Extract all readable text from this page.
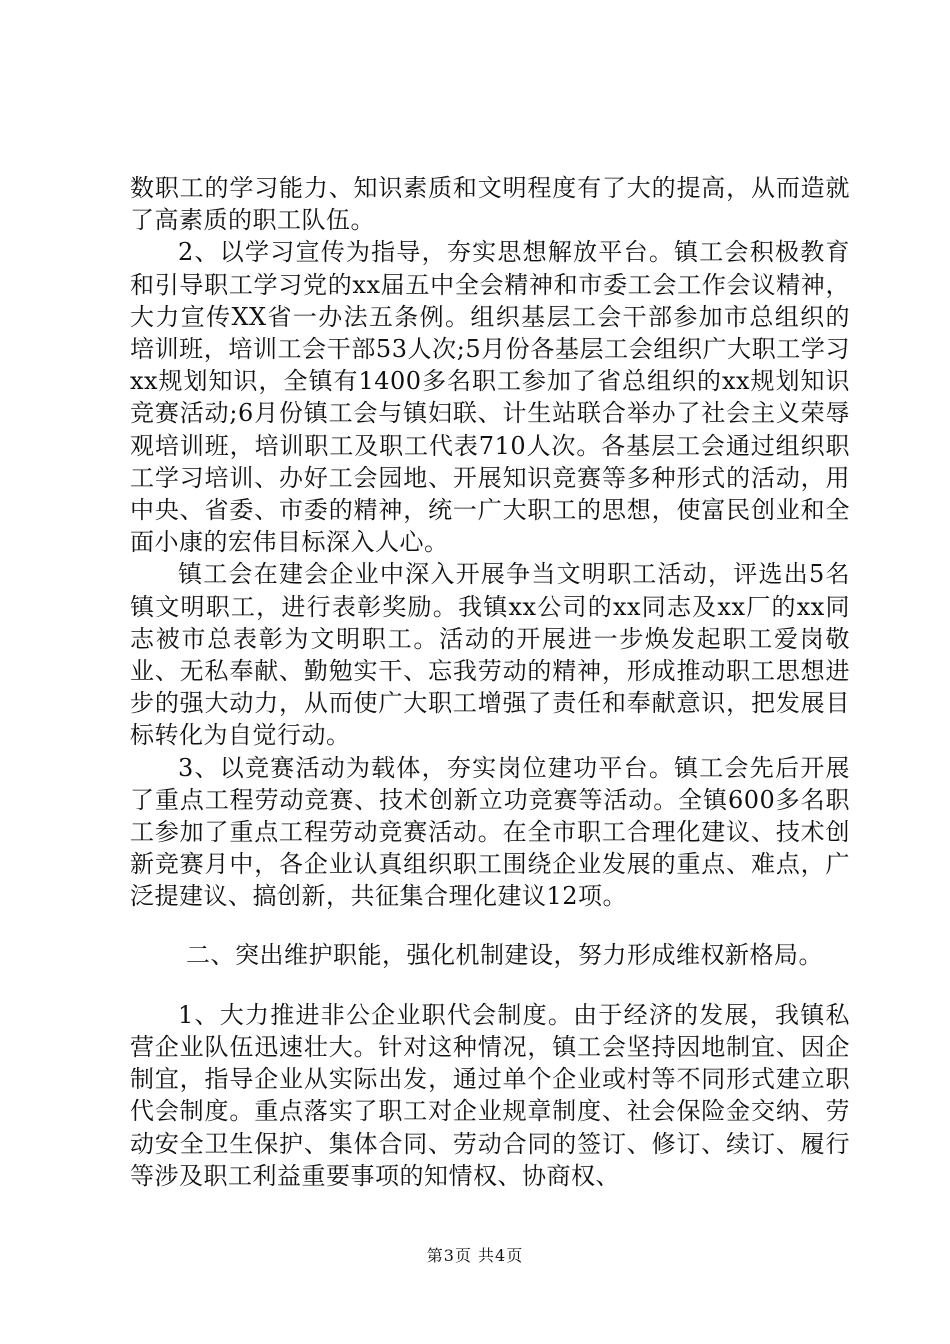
数职工的学习能力、知识素质和文明程度有了大的提高，从而造就了高素质的职工队伍。

2、以学习宣传为指导，夯实思想解放平台。镇工会积极教育和引导职工学习党的xx届五中全会精神和市委工会工作会议精神，大力宣传XX省一办法五条例。组织基层工会干部参加市总组织的培训班，培训工会干部53人次;5月份各基层工会组织广大职工学习xx规划知识，全镇有1400多名职工参加了省总组织的xx规划知识竞赛活动;6月份镇工会与镇妇联、计生站联合举办了社会主义荣辱观培训班，培训职工及职工代表710人次。各基层工会通过组织职工学习培训、办好工会园地、开展知识竞赛等多种形式的活动，用中央、省委、市委的精神，统一广大职工的思想，使富民创业和全面小康的宏伟目标深入人心。

镇工会在建会企业中深入开展争当文明职工活动，评选出5名镇文明职工，进行表彰奖励。我镇xx公司的xx同志及xx厂的xx同志被市总表彰为文明职工。活动的开展进一步焕发起职工爱岗敬业、无私奉献、勤勉实干、忘我劳动的精神，形成推动职工思想进步的强大动力，从而使广大职工增强了责任和奉献意识，把发展目标转化为自觉行动。

3、以竞赛活动为载体，夯实岗位建功平台。镇工会先后开展了重点工程劳动竞赛、技术创新立功竞赛等活动。全镇600多名职工参加了重点工程劳动竞赛活动。在全市职工合理化建议、技术创新竞赛月中，各企业认真组织职工围绕企业发展的重点、难点，广泛提建议、搞创新，共征集合理化建议12项。

二、突出维护职能，强化机制建设，努力形成维权新格局。

1、大力推进非公企业职代会制度。由于经济的发展，我镇私营企业队伍迅速壮大。针对这种情况，镇工会坚持因地制宜、因企制宜，指导企业从实际出发，通过单个企业或村等不同形式建立职代会制度。重点落实了职工对企业规章制度、社会保险金交纳、劳动安全卫生保护、集体合同、劳动合同的签订、修订、续订、履行等涉及职工利益重要事项的知情权、协商权、

第3页 共4页
